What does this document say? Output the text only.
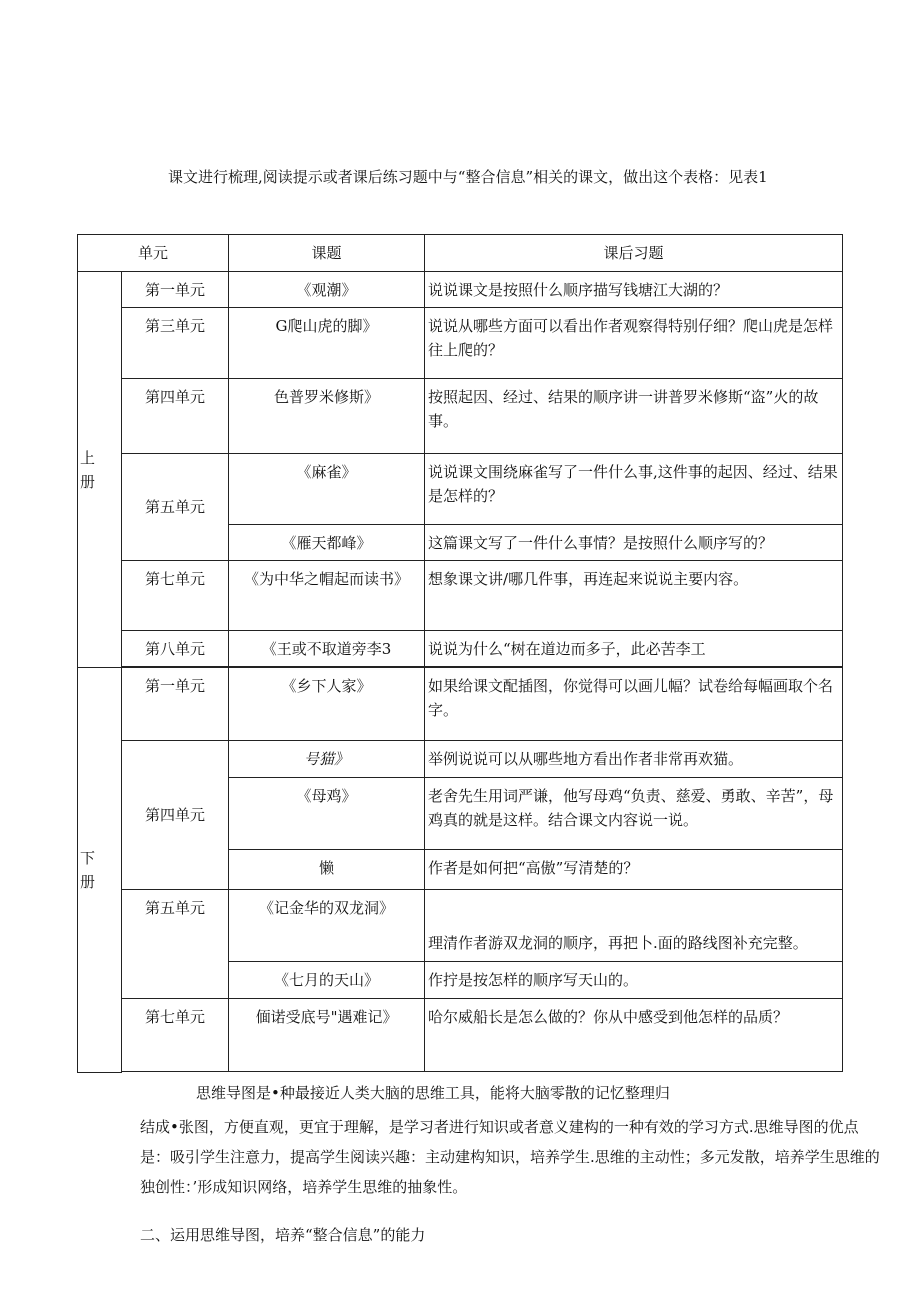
课文进行梳理,阅读提示或者课后练习题中与“整合信息”相关的课文，做出这个表格：见表1
单元		课题	课后习题

上
册	第一单元	《观潮》	说说课文是按照什么顺序描写钱塘江大湖的？
	第三单元	G爬山虎的脚》	说说从哪些方面可以看出作者观察得特别仔细？爬山虎是怎样往上爬的？
	第四单元	色普罗米修斯》	按照起因、经过、结果的顺序讲一讲普罗米修斯“盗”火的故事。
	第五单元	《麻雀》	说说课文围绕麻雀写了一件什么事,这件事的起因、经过、结果是怎样的？
		《雁天都峰》	这篇课文写了一件什么事情？是按照什么顺序写的？
	第七单元	《为中华之帽起而读书》	想象课文讲/哪几件事，再连起来说说主要内容。
	第八单元	《王或不取道旁李3	说说为什么“树在道边而多子，此必苦李工

下
册	第一单元	《乡下人家》	如果给课文配插图，你觉得可以画儿幅？试卷给每幅画取个名字。
	第四单元	号猫》	举例说说可以从哪些地方看出作者非常再欢猫。
		《母鸡》	老舍先生用词严谦，他写母鸡“负责、慈爱、勇敢、辛苦”，母鸡真的就是这样。结合课文内容说一说。
		懒	作者是如何把“高傲”写清楚的？
	第五单元	《记金华的双龙洞》	理清作者游双龙洞的顺序，再把卜.面的路线图补充完整。
		《七月的天山》	作拧是按怎样的顺序写天山的。
	第七单元	偭诺受底号"遇难记》	哈尔威船长是怎么做的？你从中感受到他怎样的品质？

思维导图是•种最接近人类大脑的思维工具，能将大脑零散的记忆整理归
结成•张图，方便直观，更宜于理解，是学习者进行知识或者意义建构的一种有效的学习方式.思维导图的优点是：吸引学生注意力，提高学生阅读兴趣：主动建构知识，培养学生.思维的主动性；多元发散，培养学生思维的独创性：’形成知识网络，培养学生思维的抽象性。
二、运用思维导图，培养“整合信息”的能力
